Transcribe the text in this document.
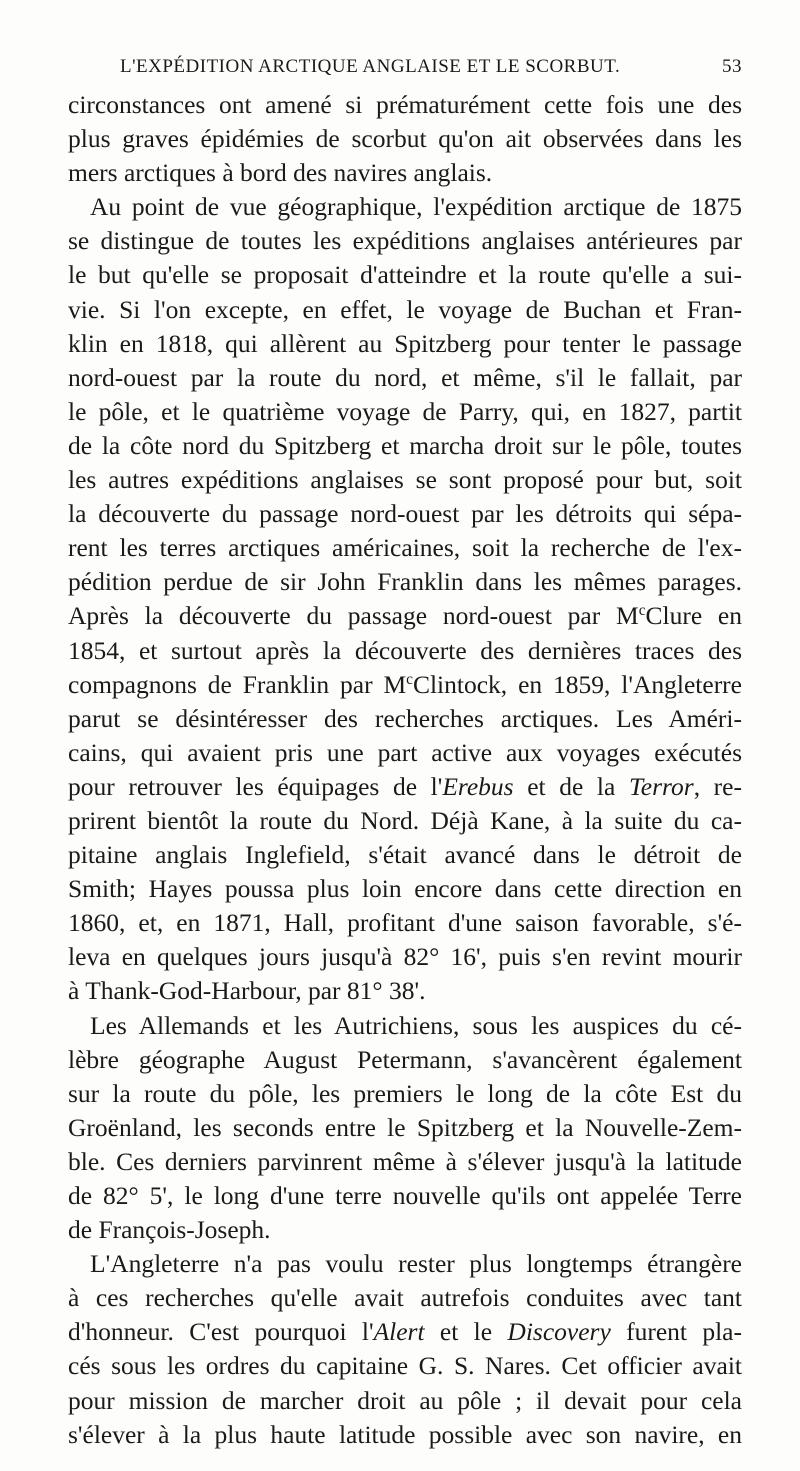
L'EXPÉDITION ARCTIQUE ANGLAISE ET LE SCORBUT.	53
circonstances ont amené si prématurément cette fois une des
plus graves épidémies de scorbut qu'on ait observées dans les
mers arctiques à bord des navires anglais.
Au point de vue géographique, l'expédition arctique de 1875
se distingue de toutes les expéditions anglaises antérieures par
le but qu'elle se proposait d'atteindre et la route qu'elle a sui-
vie. Si l'on excepte, en effet, le voyage de Buchan et Fran-
klin en 1818, qui allèrent au Spitzberg pour tenter le passage
nord-ouest par la route du nord, et même, s'il le fallait, par
le pôle, et le quatrième voyage de Parry, qui, en 1827, partit
de la côte nord du Spitzberg et marcha droit sur le pôle, toutes
les autres expéditions anglaises se sont proposé pour but, soit
la découverte du passage nord-ouest par les détroits qui sépa-
rent les terres arctiques américaines, soit la recherche de l'ex-
pédition perdue de sir John Franklin dans les mêmes parages.
Après la découverte du passage nord-ouest par $M^cClure$ en
1854, et surtout après la découverte des dernières traces des
compagnons de Franklin par $M^cClintock$, en 1859, l'Angleterre
parut se désintéresser des recherches arctiques. Les Améri-
cains, qui avaient pris une part active aux voyages exécutés
pour retrouver les équipages de l'Erebus et de la Terror, re-
prirent bientôt la route du Nord. Déjà Kane, à la suite du ca-
pitaine anglais Inglefield, s'était avancé dans le détroit de
Smith; Hayes poussa plus loin encore dans cette direction en
1860, et, en 1871, Hall, profitant d'une saison favorable, s'é-
leva en quelques jours jusqu'à 82° 16', puis s'en revint mourir
à Thank-God-Harbour, par 81° 38'.
Les Allemands et les Autrichiens, sous les auspices du cé-
lèbre géographe August Petermann, s'avancèrent également
sur la route du pôle, les premiers le long de la côte Est du
Groënland, les seconds entre le Spitzberg et la Nouvelle-Zem-
ble. Ces derniers parvinrent même à s'élever jusqu'à la latitude
de 82° 5', le long d'une terre nouvelle qu'ils ont appelée Terre
de François-Joseph.
L'Angleterre n'a pas voulu rester plus longtemps étrangère
à ces recherches qu'elle avait autrefois conduites avec tant
d'honneur. C'est pourquoi l'Alert et le Discovery furent pla-
cés sous les ordres du capitaine G. S. Nares. Cet officier avait
pour mission de marcher droit au pôle ; il devait pour cela
s'élever à la plus haute latitude possible avec son navire, en
